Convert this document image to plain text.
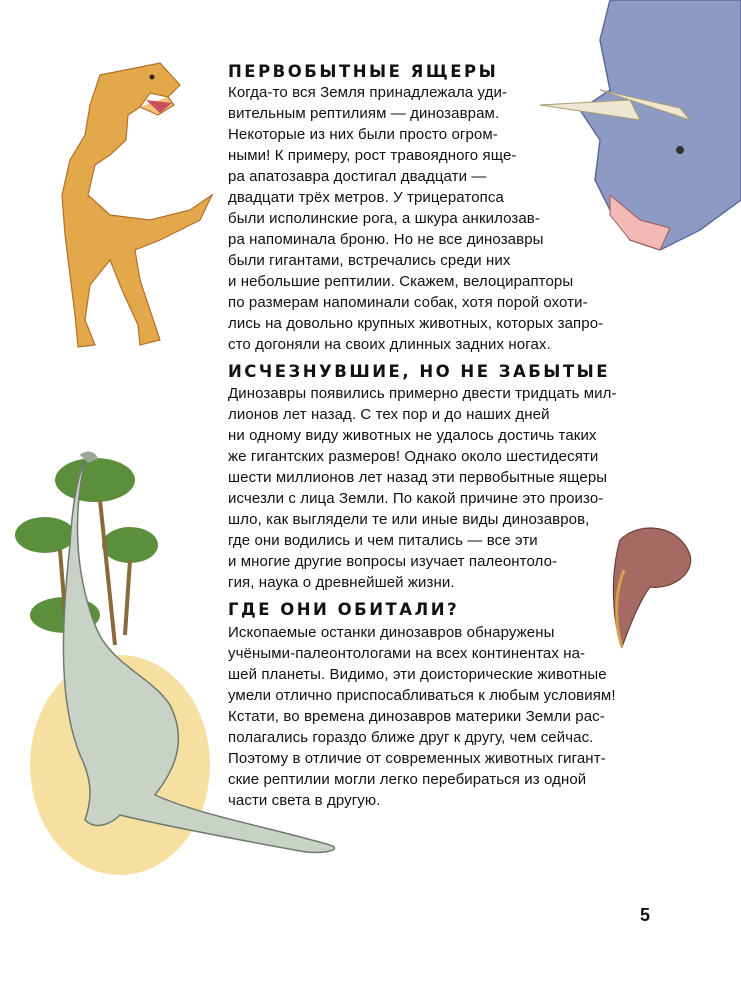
ПЕРВОБЫТНЫЕ ЯЩЕРЫ

Когда-то вся Земля принадлежала уди-

вительным рептилиям — динозаврам.

Некоторые из них были просто огром-

ными! К примеру, рост травоядного яще-

ра апатозавра достигал двадцати —

двадцати трёх метров. У трицератопса

были исполинские рога, а шкура анкилозав-

ра напоминала броню. Но не все динозавры

были гигантами, встречались среди них

и небольшие рептилии. Скажем, велоцирапторы

по размерам напоминали собак, хотя порой охоти-

лись на довольно крупных животных, которых запро-

сто догоняли на своих длинных задних ногах.

ИСЧЕЗНУВШИЕ, НО НЕ ЗАБЫТЫЕ

Динозавры появились примерно двести тридцать мил-

лионов лет назад. С тех пор и до наших дней

ни одному виду животных не удалось достичь таких

же гигантских размеров! Однако около шестидесяти

шести миллионов лет назад эти первобытные ящеры

исчезли с лица Земли. По какой причине это произо-

шло, как выглядели те или иные виды динозавров,

где они водились и чем питались — все эти

и многие другие вопросы изучает палеонтоло-

гия, наука о древнейшей жизни.

ГДЕ ОНИ ОБИТАЛИ?

Ископаемые останки динозавров обнаружены

учёными-палеонтологами на всех континентах на-

шей планеты. Видимо, эти доисторические животные

умели отлично приспосабливаться к любым условиям!

Кстати, во времена динозавров материки Земли рас-

полагались гораздо ближе друг к другу, чем сейчас.

Поэтому в отличие от современных животных гигант-

ские рептилии могли легко перебираться из одной

части света в другую.

5
